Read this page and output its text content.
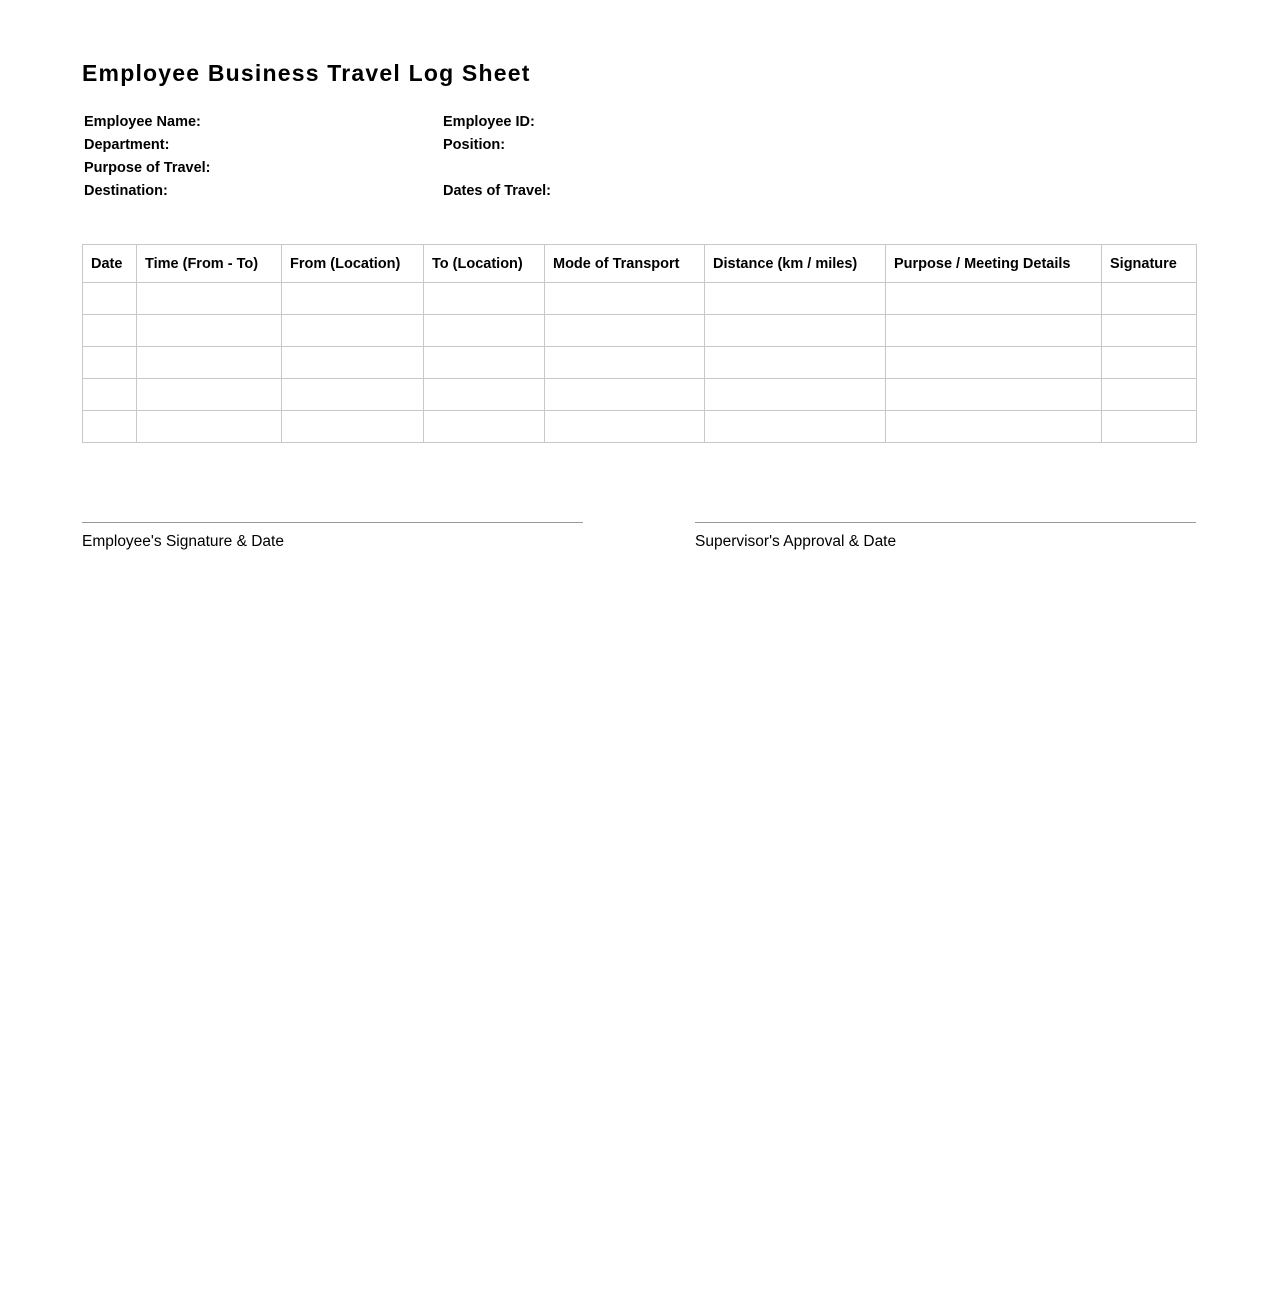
Employee Business Travel Log Sheet
Employee Name:	Employee ID:
Department:	Position:
Purpose of Travel:
Destination:	Dates of Travel:
Date	Time (From - To)	From (Location)	To (Location)	Mode of Transport	Distance (km / miles)	Purpose / Meeting Details	Signature

Employee's Signature & Date	Supervisor's Approval & Date
